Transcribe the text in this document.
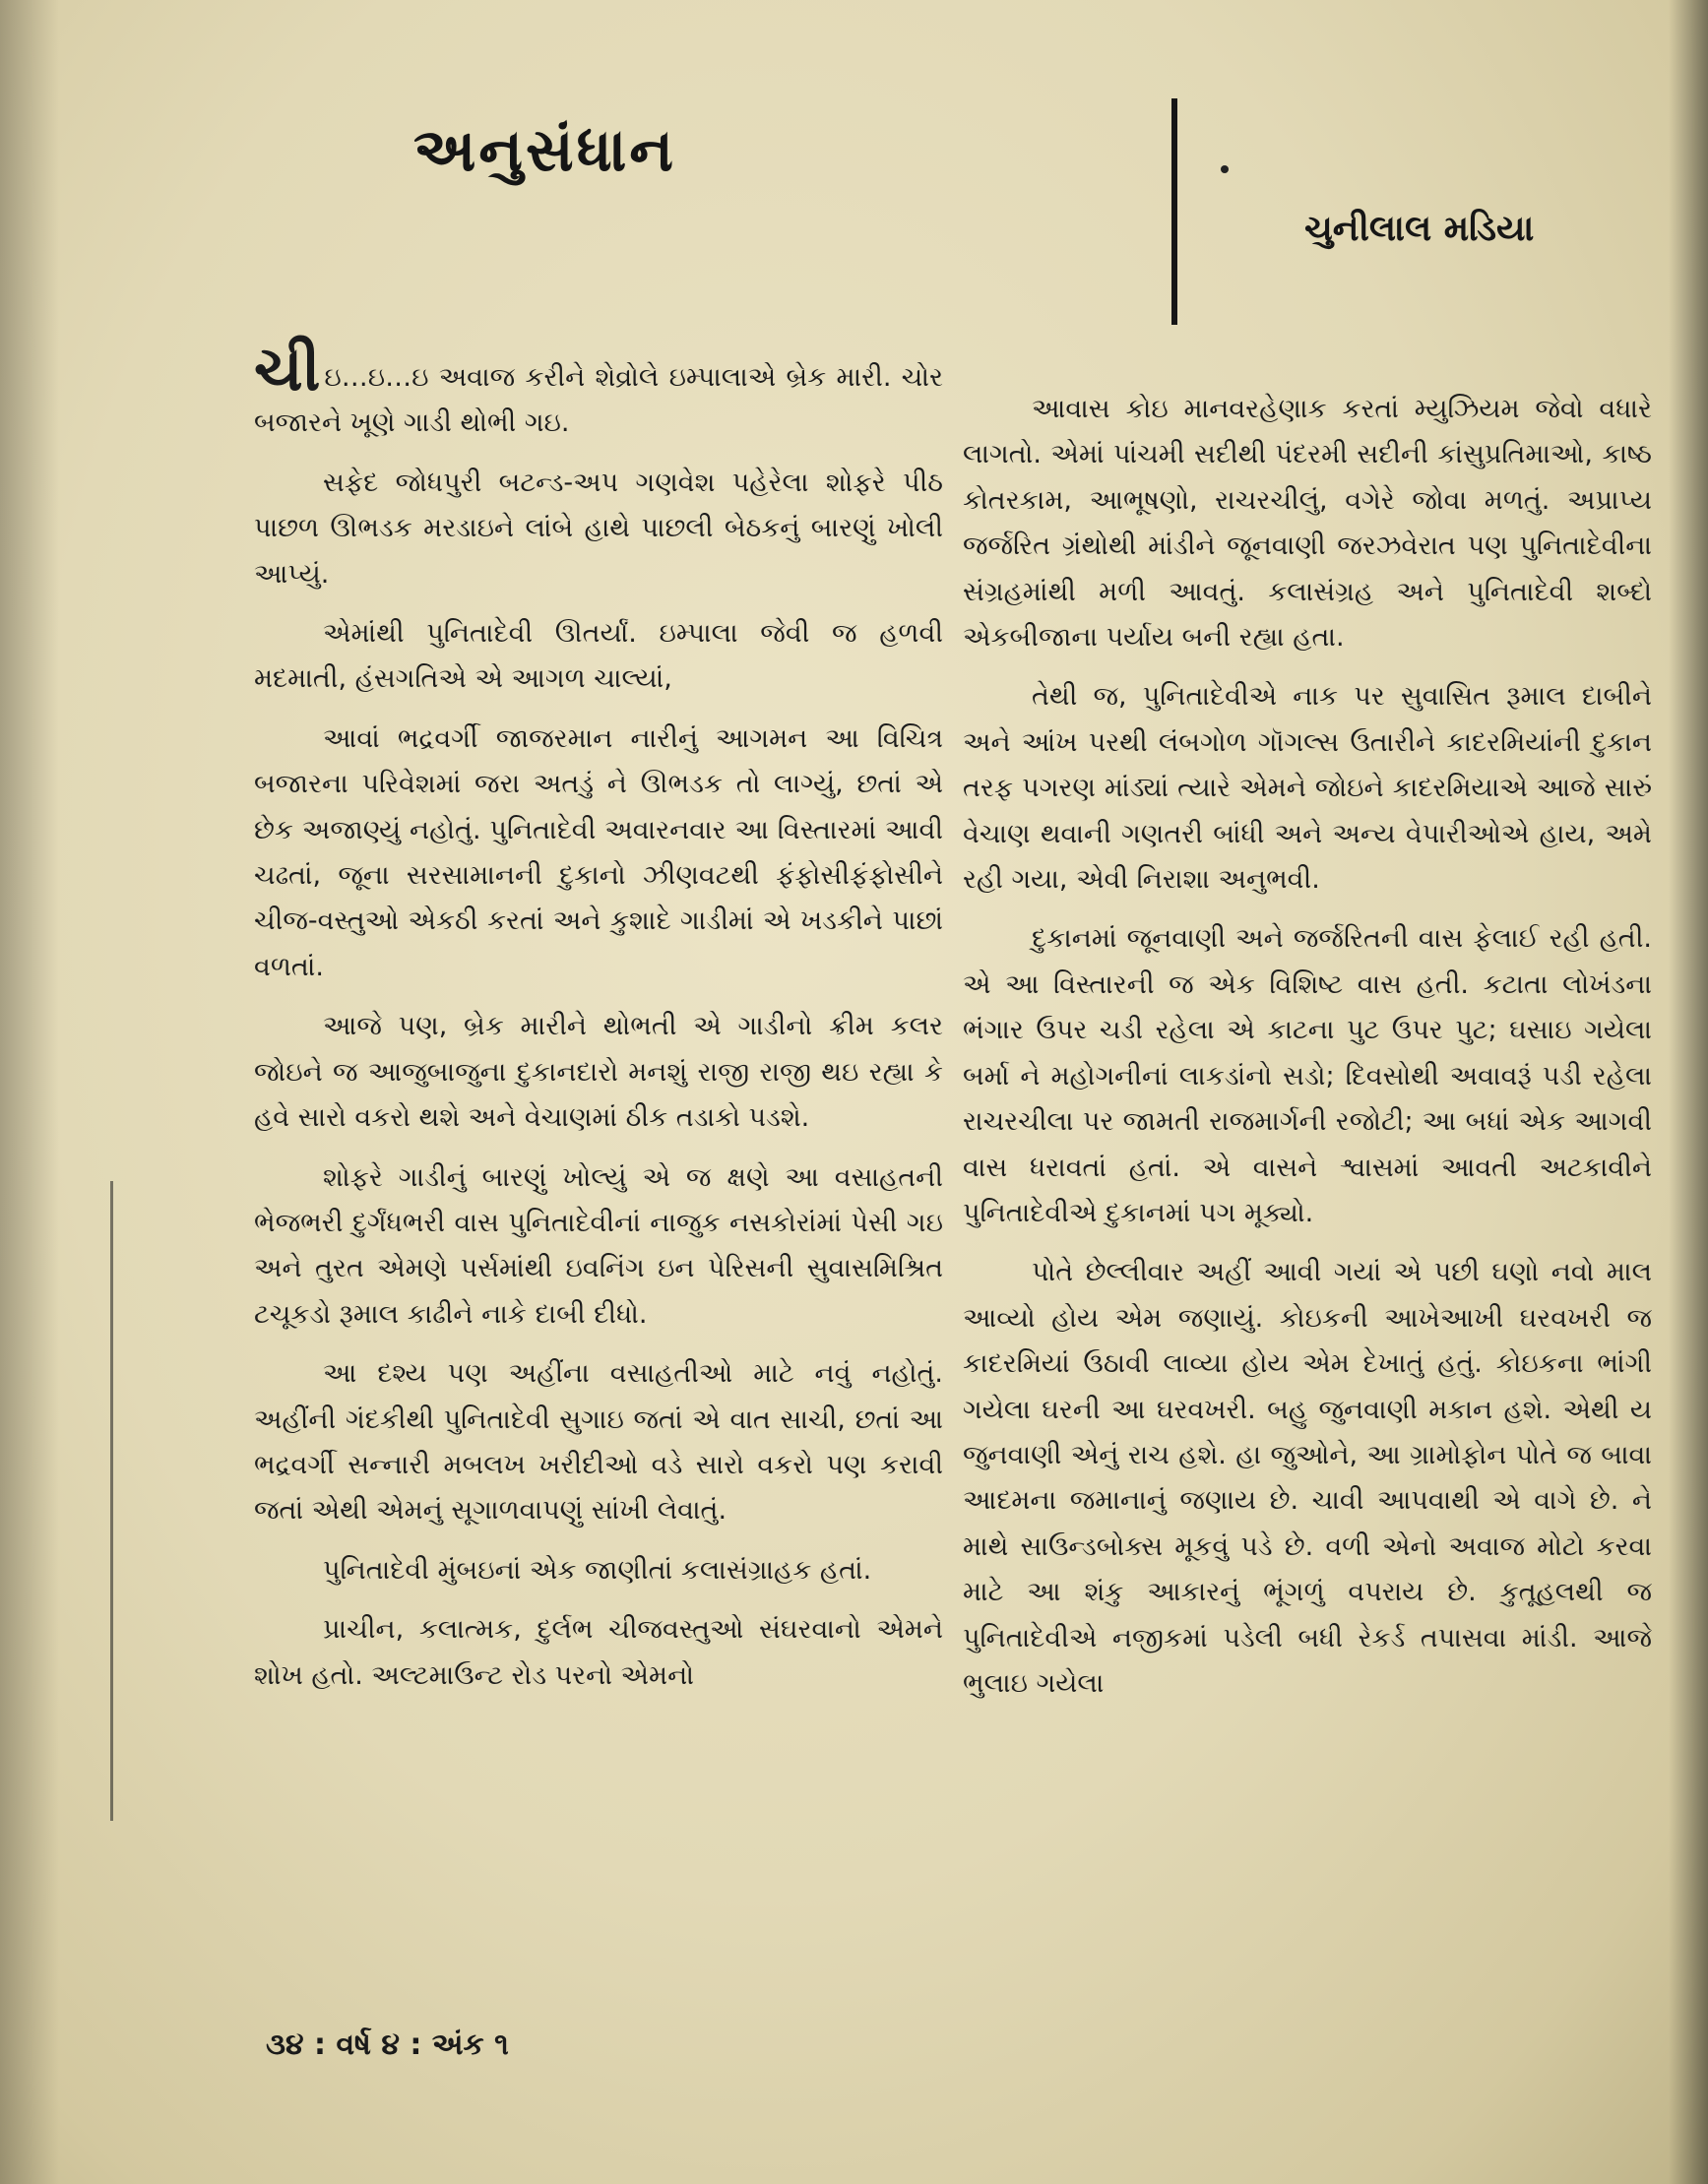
અનુસંધાન
ચુનીલાલ મડિયા

ચીઇ…ઇ…ઇ અવાજ કરીને શેવ્રોલે ઇમ્પાલાએ બ્રેક મારી. ચોર બજારને ખૂણે ગાડી થોભી ગઇ.

સફેદ જોધપુરી બટન્ડ-અપ ગણવેશ પહેરેલા શોફરે પીઠ પાછળ ઊભડક મરડાઇને લાંબે હાથે પાછલી બેઠકનું બારણું ખોલી આપ્યું.

એમાંથી પુનિતાદેવી ઊતર્યાં. ઇમ્પાલા જેવી જ હળવી મદમાતી, હંસગતિએ એ આગળ ચાલ્યાં,

આવાં ભદ્રવર્ગી જાજરમાન નારીનું આગમન આ વિચિત્ર બજારના પરિવેશમાં જરા અતડું ને ઊભડક તો લાગ્યું, છતાં એ છેક અજાણ્યું નહોતું. પુનિતાદેવી અવારનવાર આ વિસ્તારમાં આવી ચઢતાં, જૂના સરસામાનની દુકાનો ઝીણવટથી ફંફોસીફંફોસીને ચીજ-વસ્તુઓ એકઠી કરતાં અને કુશાદે ગાડીમાં એ ખડકીને પાછાં વળતાં.

આજે પણ, બ્રેક મારીને થોભતી એ ગાડીનો ક્રીમ કલર જોઇને જ આજુબાજુના દુકાનદારો મનશું રાજી રાજી થઇ રહ્યા કે હવે સારો વકરો થશે અને વેચાણમાં ઠીક તડાકો પડશે.

શોફરે ગાડીનું બારણું ખોલ્યું એ જ ક્ષણે આ વસાહતની ભેજભરી દુર્ગંધભરી વાસ પુનિતાદેવીનાં નાજુક નસકોરાંમાં પેસી ગઇ અને તુરત એમણે પર્સમાંથી ઇવનિંગ ઇન પેરિસની સુવાસમિશ્રિત ટચૂકડો રૂમાલ કાઢીને નાકે દાબી દીધો.

આ દશ્ય પણ અહીંના વસાહતીઓ માટે નવું નહોતું. અહીંની ગંદકીથી પુનિતાદેવી સુગાઇ જતાં એ વાત સાચી, છતાં આ ભદ્રવર્ગી સન્નારી મબલખ ખરીદીઓ વડે સારો વકરો પણ કરાવી જતાં એથી એમનું સૂગાળવાપણું સાંખી લેવાતું.

પુનિતાદેવી મુંબઇનાં એક જાણીતાં કલાસંગ્રાહક હતાં.

પ્રાચીન, કલાત્મક, દુર્લભ ચીજવસ્તુઓ સંઘરવાનો એમને શોખ હતો. અલ્ટમાઉન્ટ રોડ પરનો એમનો

આવાસ કોઇ માનવરહેણાક કરતાં મ્યુઝિયમ જેવો વધારે લાગતો. એમાં પાંચમી સદીથી પંદરમી સદીની કાંસુપ્રતિમાઓ, કાષ્ઠ કોતરકામ, આભૂષણો, રાચરચીલું, વગેરે જોવા મળતું. અપ્રાપ્ય જર્જરિત ગ્રંથોથી માંડીને જૂનવાણી જરઝવેરાત પણ પુનિતાદેવીના સંગ્રહમાંથી મળી આવતું. કલાસંગ્રહ અને પુનિતાદેવી શબ્દો એકબીજાના પર્યાય બની રહ્યા હતા.

તેથી જ, પુનિતાદેવીએ નાક પર સુવાસિત રૂમાલ દાબીને અને આંખ પરથી લંબગોળ ગૉગલ્સ ઉતારીને કાદરમિયાંની દુકાન તરફ પગરણ માંડ્યાં ત્યારે એમને જોઇને કાદરમિયાએ આજે સારું વેચાણ થવાની ગણતરી બાંધી અને અન્ય વેપારીઓએ હાય, અમે રહી ગયા, એવી નિરાશા અનુભવી.

દુકાનમાં જૂનવાણી અને જર્જરિતની વાસ ફેલાઈ રહી હતી. એ આ વિસ્તારની જ એક વિશિષ્ટ વાસ હતી. કટાતા લોખંડના ભંગાર ઉપર ચડી રહેલા એ કાટના પુટ ઉપર પુટ; ઘસાઇ ગયેલા બર્મા ને મહોગનીનાં લાકડાંનો સડો; દિવસોથી અવાવરૂં પડી રહેલા રાચરચીલા પર જામતી રાજમાર્ગની રજોટી; આ બધાં એક આગવી વાસ ધરાવતાં હતાં. એ વાસને શ્વાસમાં આવતી અટકાવીને પુનિતાદેવીએ દુકાનમાં પગ મૂક્યો.

પોતે છેલ્લીવાર અહીં આવી ગયાં એ પછી ઘણો નવો માલ આવ્યો હોય એમ જણાયું. કોઇકની આખેઆખી ઘરવખરી જ કાદરમિયાં ઉઠાવી લાવ્યા હોય એમ દેખાતું હતું. કોઇકના ભાંગી ગયેલા ઘરની આ ઘરવખરી. બહુ જુનવાણી મકાન હશે. એથી ય જુનવાણી એનું રાચ હશે. હા જુઓને, આ ગ્રામોફોન પોતે જ બાવા આદમના જમાનાનું જણાય છે. ચાવી આપવાથી એ વાગે છે. ને માથે સાઉન્ડબોક્સ મૂકવું પડે છે. વળી એનો અવાજ મોટો કરવા માટે આ શંકુ આકારનું ભૂંગળું વપરાય છે. કુતૂહલથી જ પુનિતાદેવીએ નજીકમાં પડેલી બધી રેકર્ડ તપાસવા માંડી. આજે ભુલાઇ ગયેલા

૩૪ : વર્ષ ૪ : અંક ૧
